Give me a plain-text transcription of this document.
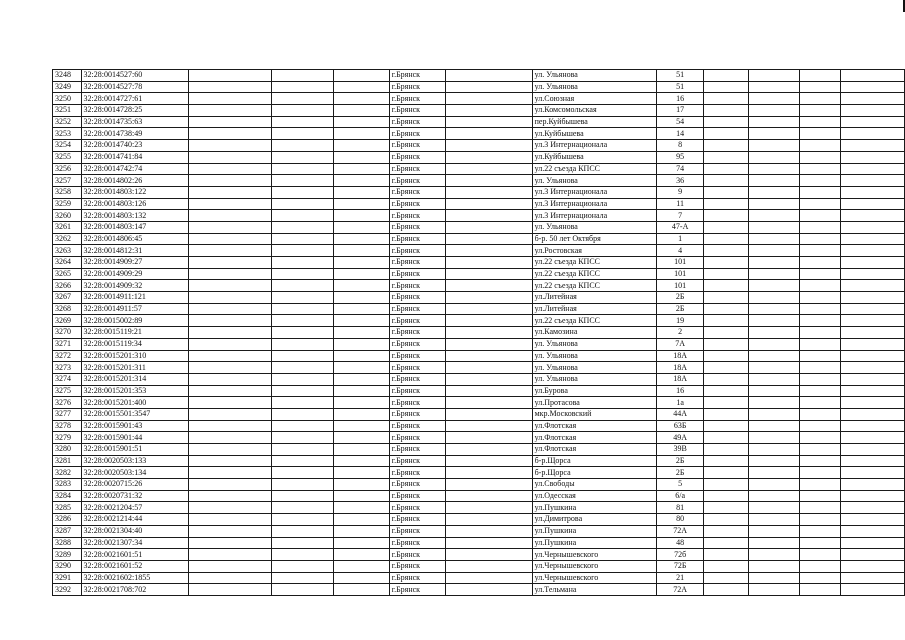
3248	32:28:0014527:60				г.Брянск		ул. Ульянова	51				
3249	32:28:0014527:78				г.Брянск		ул. Ульянова	51				
3250	32:28:0014727:61				г.Брянск		ул.Союзная	16				
3251	32:28:0014728:25				г.Брянск		ул.Комсомольская	17				
3252	32:28:0014735:63				г.Брянск		пер.Куйбышева	54				
3253	32:28:0014738:49				г.Брянск		ул.Куйбышева	14				
3254	32:28:0014740:23				г.Брянск		ул.3 Интернационала	8				
3255	32:28:0014741:84				г.Брянск		ул.Куйбышева	95				
3256	32:28:0014742:74				г.Брянск		ул.22 съезда КПСС	74				
3257	32:28:0014802:26				г.Брянск		ул. Ульянова	36				
3258	32:28:0014803:122				г.Брянск		ул.3 Интернационала	9				
3259	32:28:0014803:126				г.Брянск		ул.3 Интернационала	11				
3260	32:28:0014803:132				г.Брянск		ул.3 Интернационала	7				
3261	32:28:0014803:147				г.Брянск		ул. Ульянова	47-А				
3262	32:28:0014806:45				г.Брянск		б-р. 50 лет Октября	1				
3263	32:28:0014812:31				г.Брянск		ул.Ростовская	4				
3264	32:28:0014909:27				г.Брянск		ул.22 съезда КПСС	101				
3265	32:28:0014909:29				г.Брянск		ул.22 съезда КПСС	101				
3266	32:28:0014909:32				г.Брянск		ул.22 съезда КПСС	101				
3267	32:28:0014911:121				г.Брянск		ул.Литейная	2Б				
3268	32:28:0014911:57				г.Брянск		ул.Литейная	2Б				
3269	32:28:0015002:89				г.Брянск		ул.22 съезда КПСС	19				
3270	32:28:0015119:21				г.Брянск		ул.Камозина	2				
3271	32:28:0015119:34				г.Брянск		ул. Ульянова	7А				
3272	32:28:0015201:310				г.Брянск		ул. Ульянова	18А				
3273	32:28:0015201:311				г.Брянск		ул. Ульянова	18А				
3274	32:28:0015201:314				г.Брянск		ул. Ульянова	18А				
3275	32:28:0015201:353				г.Брянск		ул.Бурова	16				
3276	32:28:0015201:400				г.Брянск		ул.Протасова	1а				
3277	32:28:0015501:3547				г.Брянск		мкр.Московский	44А				
3278	32:28:0015901:43				г.Брянск		ул.Флотская	63Б				
3279	32:28:0015901:44				г.Брянск		ул.Флотская	49А				
3280	32:28:0015901:51				г.Брянск		ул.Флотская	39В				
3281	32:28:0020503:133				г.Брянск		б-р.Щорса	2Б				
3282	32:28:0020503:134				г.Брянск		б-р.Щорса	2Б				
3283	32:28:0020715:26				г.Брянск		ул.Свободы	5				
3284	32:28:0020731:32				г.Брянск		ул.Одесская	6/а				
3285	32:28:0021204:57				г.Брянск		ул.Пушкина	81				
3286	32:28:0021214:44				г.Брянск		ул.Димитрова	80				
3287	32:28:0021304:40				г.Брянск		ул.Пушкина	72А				
3288	32:28:0021307:34				г.Брянск		ул.Пушкина	48				
3289	32:28:0021601:51				г.Брянск		ул.Чернышевского	72б				
3290	32:28:0021601:52				г.Брянск		ул.Чернышевского	72Б				
3291	32:28:0021602:1855				г.Брянск		ул.Чернышевского	21				
3292	32:28:0021708:702				г.Брянск		ул.Тельмана	72А				
